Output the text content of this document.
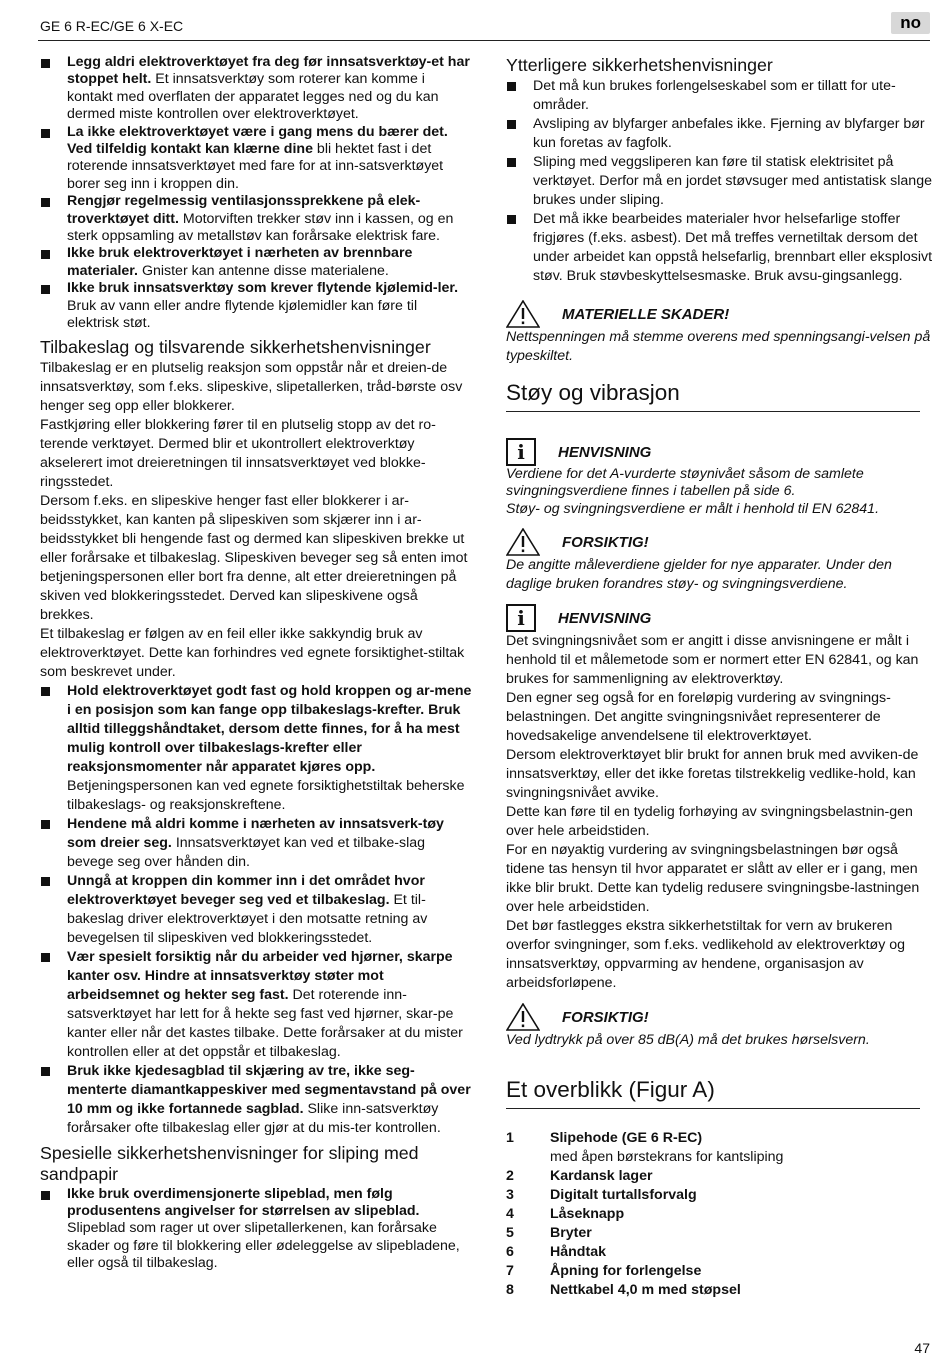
GE 6 R-EC/GE 6 X-EC	no

Legg aldri elektroverktøyet fra deg før innsatsverktøy-et har stoppet helt. Et innsatsverktøy som roterer kan komme i kontakt med overflaten der apparatet legges ned og du kan dermed miste kontrollen over elektroverktøyet.

La ikke elektroverktøyet være i gang mens du bærer det. Ved tilfeldig kontakt kan klærne dine bli hektet fast i det roterende innsatsverktøyet med fare for at inn-satsverktøyet borer seg inn i kroppen din.

Rengjør regelmessig ventilasjonssprekkene på elek-troverktøyet ditt. Motorviften trekker støv inn i kassen, og en sterk oppsamling av metallstøv kan forårsake elektrisk fare.

Ikke bruk elektroverktøyet i nærheten av brennbare materialer. Gnister kan antenne disse materialene.

Ikke bruk innsatsverktøy som krever flytende kjølemid-ler. Bruk av vann eller andre flytende kjølemidler kan føre til elektrisk støt.

Tilbakeslag og tilsvarende sikkerhetshenvisninger

Tilbakeslag er en plutselig reaksjon som oppstår når et dreien-de innsatsverktøy, som f.eks. slipeskive, slipetallerken, tråd-børste osv henger seg opp eller blokkerer.

Fastkjøring eller blokkering fører til en plutselig stopp av det ro-terende verktøyet. Dermed blir et ukontrollert elektroverktøy akselerert imot dreieretningen til innsatsverktøyet ved blokke-ringsstedet.

Dersom f.eks. en slipeskive henger fast eller blokkerer i ar-beidsstykket, kan kanten på slipeskiven som skjærer inn i ar-beidsstykket bli hengende fast og dermed kan slipeskiven brekke ut eller forårsake et tilbakeslag. Slipeskiven beveger seg så enten imot betjeningspersonen eller bort fra denne, alt etter dreieretningen på skiven ved blokkeringsstedet. Derved kan slipeskivene også brekkes.

Et tilbakeslag er følgen av en feil eller ikke sakkyndig bruk av elektroverktøyet. Dette kan forhindres ved egnete forsiktighet-stiltak som beskrevet under.

Hold elektroverktøyet godt fast og hold kroppen og ar-mene i en posisjon som kan fange opp tilbakeslags-krefter. Bruk alltid tilleggshåndtaket, dersom dette finnes, for å ha mest mulig kontroll over tilbakeslags-krefter eller reaksjonsmomenter når apparatet kjøres opp. Betjeningspersonen kan ved egnete forsiktighetstiltak beherske tilbakeslags- og reaksjonskreftene.

Hendene må aldri komme i nærheten av innsatsverk-tøy som dreier seg. Innsatsverktøyet kan ved et tilbake-slag bevege seg over hånden din.

Unngå at kroppen din kommer inn i det området hvor elektroverktøyet beveger seg ved et tilbakeslag. Et til-bakeslag driver elektroverktøyet i den motsatte retning av bevegelsen til slipeskiven ved blokkeringsstedet.

Vær spesielt forsiktig når du arbeider ved hjørner, skarpe kanter osv. Hindre at innsatsverktøy støter mot arbeidsemnet og hekter seg fast. Det roterende inn-satsverktøyet har lett for å hekte seg fast ved hjørner, skar-pe kanter eller når det kastes tilbake. Dette forårsaker at du mister kontrollen eller at det oppstår et tilbakeslag.

Bruk ikke kjedesagblad til skjæring av tre, ikke seg-menterte diamantkappeskiver med segmentavstand på over 10 mm og ikke fortannede sagblad. Slike inn-satsverktøy forårsaker ofte tilbakeslag eller gjør at du mis-ter kontrollen.

Spesielle sikkerhetshenvisninger for sliping med sandpapir

Ikke bruk overdimensjonerte slipeblad, men følg produsentens angivelser for størrelsen av slipeblad. Slipeblad som rager ut over slipetallerkenen, kan forårsake skader og føre til blokkering eller ødeleggelse av slipebladene, eller også til tilbakeslag.

Ytterligere sikkerhetshenvisninger

Det må kun brukes forlengelseskabel som er tillatt for ute-områder.

Avsliping av blyfarger anbefales ikke. Fjerning av blyfarger bør kun foretas av fagfolk.

Sliping med veggsliperen kan føre til statisk elektrisitet på verktøyet. Derfor må en jordet støvsuger med antistatisk slange brukes under sliping.

Det må ikke bearbeides materialer hvor helsefarlige stoffer frigjøres (f.eks. asbest). Det må treffes vernetiltak dersom det under arbeidet kan oppstå helsefarlig, brennbart eller eksplosivt støv. Bruk støvbeskyttelsesmaske. Bruk avsu-gingsanlegg.

MATERIELLE SKADER!

Nettspenningen må stemme overens med spenningsangi-velsen på typeskiltet.

Støy og vibrasjon
i	HENVISNING

Verdiene for det A-vurderte støynivået såsom de samlete svingningsverdiene finnes i tabellen på side 6.

Støy- og svingningsverdiene er målt i henhold til EN 62841.

FORSIKTIG!

De angitte måleverdiene gjelder for nye apparater. Under den daglige bruken forandres støy- og svingningsverdiene.

i	HENVISNING

Det svingningsnivået som er angitt i disse anvisningene er målt i henhold til et målemetode som er normert etter EN 62841, og kan brukes for sammenligning av elektroverktøy.

Den egner seg også for en foreløpig vurdering av svingnings-belastningen. Det angitte svingningsnivået representerer de hovedsakelige anvendelsene til elektroverktøyet.

Dersom elektroverktøyet blir brukt for annen bruk med avviken-de innsatsverktøy, eller det ikke foretas tilstrekkelig vedlike-hold, kan svingningsnivået avvike.

Dette kan føre til en tydelig forhøying av svingningsbelastnin-gen over hele arbeidstiden.

For en nøyaktig vurdering av svingningsbelastningen bør også tidene tas hensyn til hvor apparatet er slått av eller er i gang, men ikke blir brukt. Dette kan tydelig redusere svingningsbe-lastningen over hele arbeidstiden.

Det bør fastlegges ekstra sikkerhetstiltak for vern av brukeren overfor svingninger, som f.eks. vedlikehold av elektroverktøy og innsatsverktøy, oppvarming av hendene, organisasjon av arbeidsforløpene.

FORSIKTIG!

Ved lydtrykk på over 85 dB(A) må det brukes hørselsvern.

Et overblikk (Figur A)
1	Slipehode (GE 6 R-EC)
med åpen børstekrans for kantsliping
2	Kardansk lager
3	Digitalt turtallsforvalg
4	Låseknapp
5	Bryter
6	Håndtak
7	Åpning for forlengelse
8	Nettkabel 4,0 m med støpsel
47
